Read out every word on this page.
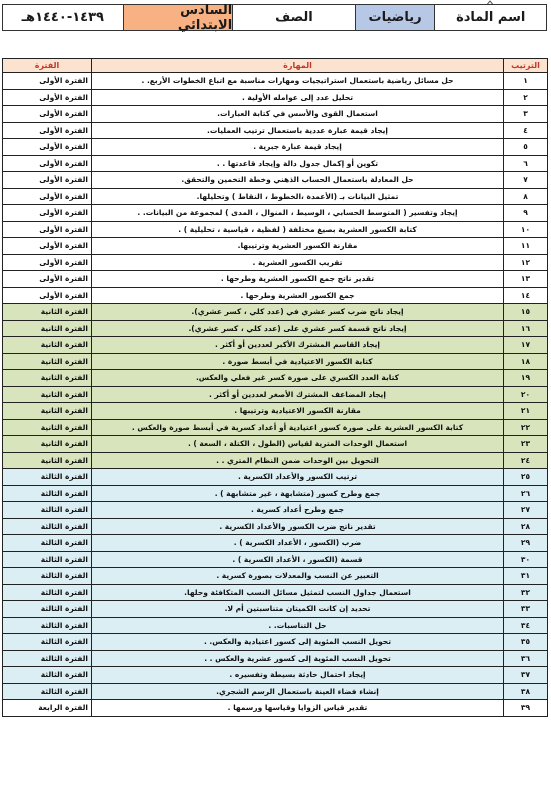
اسم المادة
رياضيات
الصف
السادس الابتدائي
١٤٣٩-١٤٤٠هـ
الترتيب	المهارة	الفترة
١	حل مسائل رياضية باستعمال استراتيجيات ومهارات مناسبة مع اتباع الخطوات الأربع. .	الفترة الأولى
٢	تحليل عدد إلى عوامله الأولية .	الفترة الأولى
٣	استعمال القوى والأسس في كتابة العبارات.	الفترة الأولى
٤	إيجاد قيمة عبارة عددية باستعمال ترتيب العمليات.	الفترة الأولى
٥	إيجاد قيمة عبارة جبرية .	الفترة الأولى
٦	تكوين أو إكمال جدول دالة وإيجاد قاعدتها . .	الفترة الأولى
٧	حل المعادلة باستعمال الحساب الذهني وخطة التخمين والتحقق.	الفترة الأولى
٨	تمثيل البيانات بـ (الأعمدة ،الخطوط ، النقاط ) وتحليلها.	الفترة الأولى
٩	إيجاد وتفسير ( المتوسط الحسابي ، الوسيط ، المنوال ، المدى ) لمجموعة من البيانات. .	الفترة الأولى
١٠	كتابة الكسور العشرية بصيغ مختلفة ( لفظية ، قياسية ، تحليلية ) .	الفترة الأولى
١١	مقارنة الكسور العشرية وترتيبها.	الفترة الأولى
١٢	تقريب الكسور العشرية .	الفترة الأولى
١٣	تقدير ناتج جمع الكسور العشرية وطرحها .	الفترة الأولى
١٤	جمع الكسور العشرية وطرحها .	الفترة الأولى
١٥	إيجاد ناتج ضرب كسر عشري في (عدد كلي ، كسر عشري).	الفترة الثانية
١٦	إيجاد ناتج قسمة كسر عشري على (عدد كلي ، كسر عشري).	الفترة الثانية
١٧	إيجاد القاسم المشترك الأكبر لعددين أو أكثر .	الفترة الثانية
١٨	كتابة الكسور الاعتيادية في أبسط صورة .	الفترة الثانية
١٩	كتابة العدد الكسري على صورة كسر غير فعلي والعكس.	الفترة الثانية
٢٠	إيجاد المضاعف المشترك الأصغر لعددين أو أكثر .	الفترة الثانية
٢١	مقارنة الكسور الاعتيادية وترتيبها .	الفترة الثانية
٢٢	كتابة الكسور العشرية على صورة كسور اعتيادية أو أعداد كسرية في أبسط صورة والعكس .	الفترة الثانية
٢٣	استعمال الوحدات المترية لقياس (الطول ، الكتلة ، السعة ) .	الفترة الثانية
٢٤	التحويل بين الوحدات ضمن النظام المتري . .	الفترة الثانية
٢٥	ترتيب الكسور والأعداد الكسرية .	الفترة الثالثة
٢٦	جمع وطرح كسور (متشابهة ، غير متشابهة ) .	الفترة الثالثة
٢٧	جمع وطرح أعداد كسرية .	الفترة الثالثة
٢٨	تقدير ناتج ضرب الكسور والأعداد الكسرية .	الفترة الثالثة
٢٩	ضرب (الكسور ، الأعداد الكسرية ) .	الفترة الثالثة
٣٠	قسمة (الكسور ، الأعداد الكسرية ) .	الفترة الثالثة
٣١	التعبير عن النسب والمعدلات بصورة كسرية .	الفترة الثالثة
٣٢	استعمال جداول النسب لتمثيل مسائل النسب المتكافئة وحلها.	الفترة الثالثة
٣٣	تحديد إن كانت الكميتان متناسبتين أم لا.	الفترة الثالثة
٣٤	حل التناسبات. .	الفترة الثالثة
٣٥	تحويل النسب المئوية إلى كسور اعتيادية والعكس. .	الفترة الثالثة
٣٦	تحويل النسب المئوية إلى كسور عشرية والعكس . .	الفترة الثالثة
٣٧	إيجاد احتمال حادثة بسيطة وتفسيره .	الفترة الثالثة
٣٨	إنشاء فضاء العينة باستعمال الرسم الشجري.	الفترة الثالثة
٣٩	تقدير قياس الزوايا وقياسها ورسمها .	الفترة الرابعة
